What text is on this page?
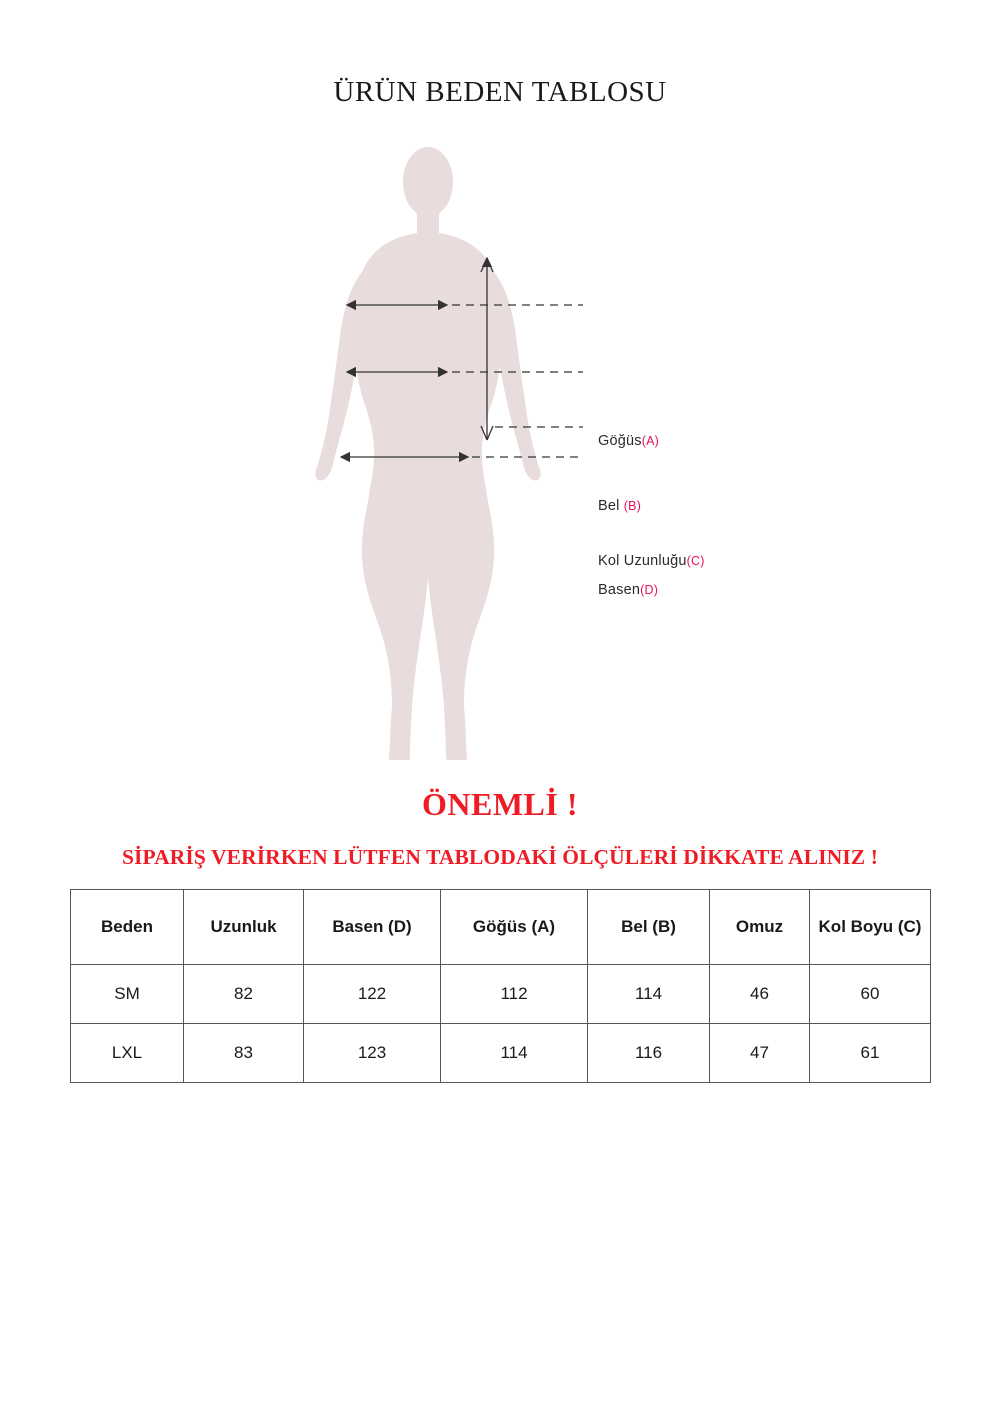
ÜRÜN BEDEN TABLOSU
Göğüs(A)
Bel (B)
Kol Uzunluğu(C)
Basen(D)
ÖNEMLİ !
SİPARİŞ VERİRKEN LÜTFEN TABLODAKİ ÖLÇÜLERİ DİKKATE ALINIZ !
Beden	Uzunluk	Basen (D)	Göğüs (A)	Bel (B)	Omuz	Kol Boyu (C)
SM	82	122	112	114	46	60
LXL	83	123	114	116	47	61
